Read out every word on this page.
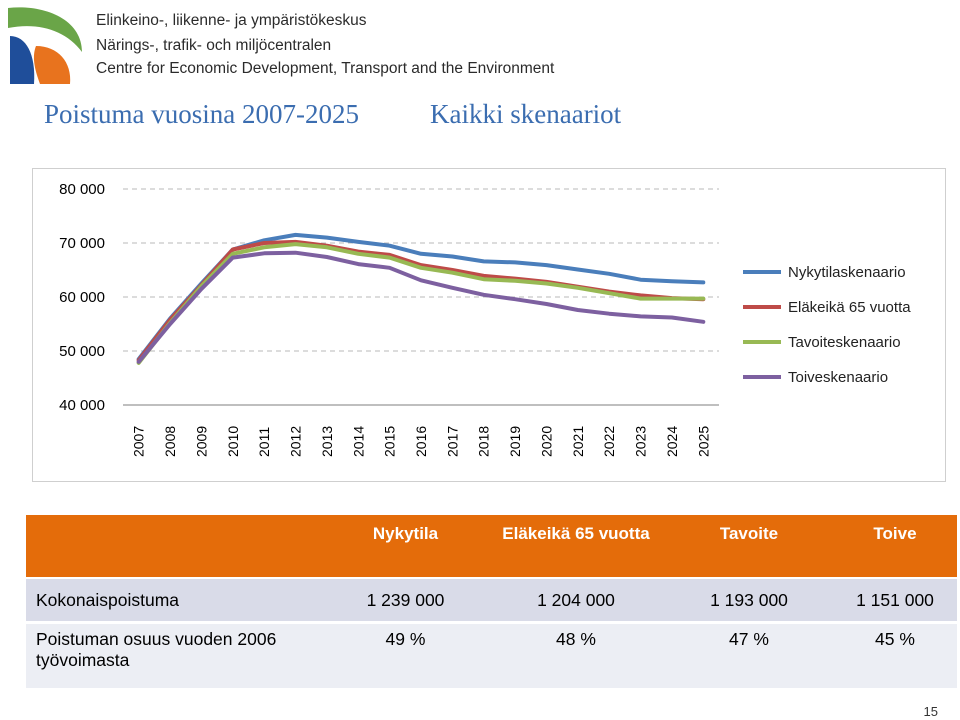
Elinkeino-, liikenne- ja ympäristökeskus
Närings-, trafik- och miljöcentralen
Centre for Economic Development, Transport and the Environment
Poistuma vuosina 2007-2025	Kaikki skenaariot
40 000
50 000
60 000
70 000
80 000
2007 2008 2009 2010 2011 2012 2013 2014 2015 2016 2017 2018 2019 2020 2021 2022 2023 2024 2025
Nykytilaskenaario
Eläkeikä 65 vuotta
Tavoiteskenaario
Toiveskenaario
	Nykytila	Eläkeikä 65 vuotta	Tavoite	Toive
Kokonaispoistuma	1 239 000	1 204 000	1 193 000	1 151 000
Poistuman osuus vuoden 2006 työvoimasta	49 %	48 %	47 %	45 %
15
